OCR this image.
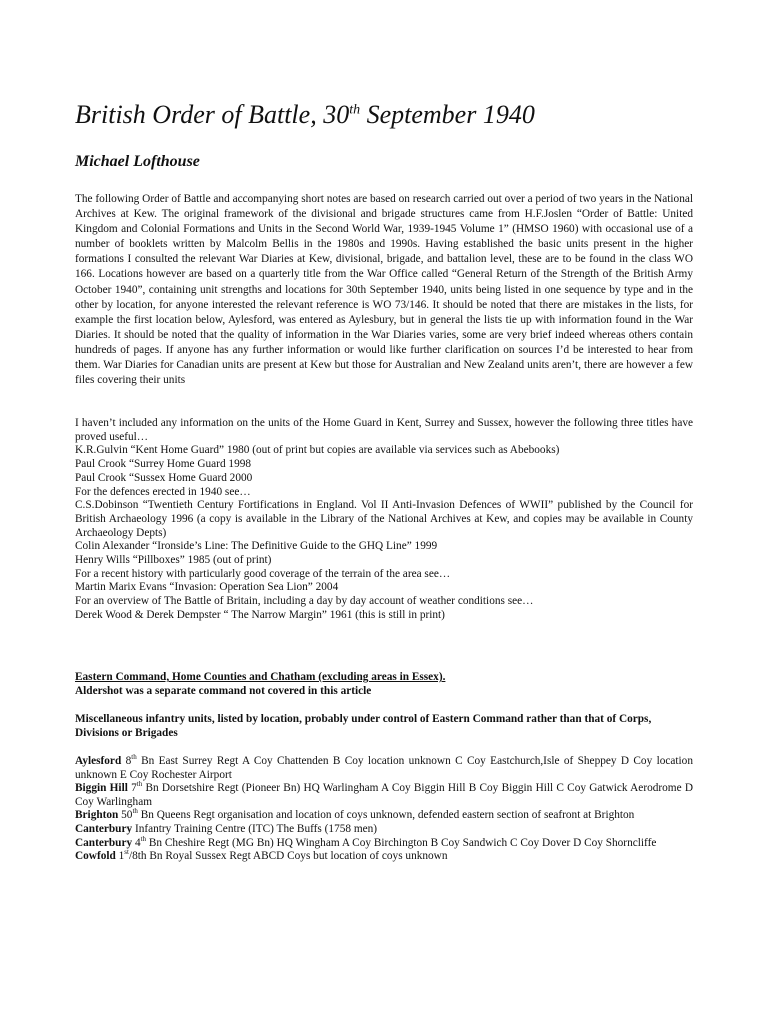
British Order of Battle, 30th September 1940

Michael Lofthouse

The following Order of Battle and accompanying short notes are based on research carried out over a period of two years in the National Archives at Kew. The original framework of the divisional and brigade structures came from H.F.Joslen “Order of Battle: United Kingdom and Colonial Formations and Units in the Second World War, 1939-1945 Volume 1” (HMSO 1960) with occasional use of a number of booklets written by Malcolm Bellis in the 1980s and 1990s. Having established the basic units present in the higher formations I consulted the relevant War Diaries at Kew, divisional, brigade, and battalion level, these are to be found in the class WO 166. Locations however are based on a quarterly title from the War Office called “General Return of the Strength of the British Army October 1940”, containing unit strengths and locations for 30th September 1940, units being listed in one sequence by type and in the other by location, for anyone interested the relevant reference is WO 73/146. It should be noted that there are mistakes in the lists, for example the first location below, Aylesford, was entered as Aylesbury, but in general the lists tie up with information found in the War Diaries. It should be noted that the quality of information in the War Diaries varies, some are very brief indeed whereas others contain hundreds of pages. If anyone has any further information or would like further clarification on sources I’d be interested to hear from them. War Diaries for Canadian units are present at Kew but those for Australian and New Zealand units aren’t, there are however a few files covering their units

I haven’t included any information on the units of the Home Guard in Kent, Surrey and Sussex, however the following three titles have proved useful…
K.R.Gulvin “Kent Home Guard” 1980 (out of print but copies are available via services such as Abebooks)
Paul Crook “Surrey Home Guard 1998
Paul Crook “Sussex Home Guard 2000
For the defences erected in 1940 see…
C.S.Dobinson “Twentieth Century Fortifications in England. Vol II Anti-Invasion Defences of WWII” published by the Council for British Archaeology 1996 (a copy is available in the Library of the National Archives at Kew, and copies may be available in County Archaeology Depts)
Colin Alexander “Ironside’s Line: The Definitive Guide to the GHQ Line” 1999
Henry Wills “Pillboxes” 1985 (out of print)
For a recent history with particularly good coverage of the terrain of the area see…
Martin Marix Evans “Invasion: Operation Sea Lion” 2004
For an overview of The Battle of Britain, including a day by day account of weather conditions see…
Derek Wood & Derek Dempster “ The Narrow Margin” 1961 (this is still in print)
Eastern Command, Home Counties and Chatham (excluding areas in Essex).
Aldershot was a separate command not covered in this article
Miscellaneous infantry units, listed by location, probably under control of Eastern Command rather than that of Corps, Divisions or Brigades

Aylesford 8th Bn East Surrey Regt A Coy Chattenden B Coy location unknown C Coy Eastchurch,Isle of Sheppey D Coy location unknown E Coy Rochester Airport

Biggin Hill 7th Bn Dorsetshire Regt (Pioneer Bn) HQ Warlingham A Coy Biggin Hill B Coy Biggin Hill C Coy Gatwick Aerodrome D Coy Warlingham

Brighton 50th Bn Queens Regt organisation and location of coys unknown, defended eastern section of seafront at Brighton

Canterbury Infantry Training Centre (ITC) The Buffs (1758 men)

Canterbury 4th Bn Cheshire Regt (MG Bn) HQ Wingham A Coy Birchington B Coy Sandwich C Coy Dover D Coy Shorncliffe

Cowfold 1st/8th Bn Royal Sussex Regt ABCD Coys but location of coys unknown
